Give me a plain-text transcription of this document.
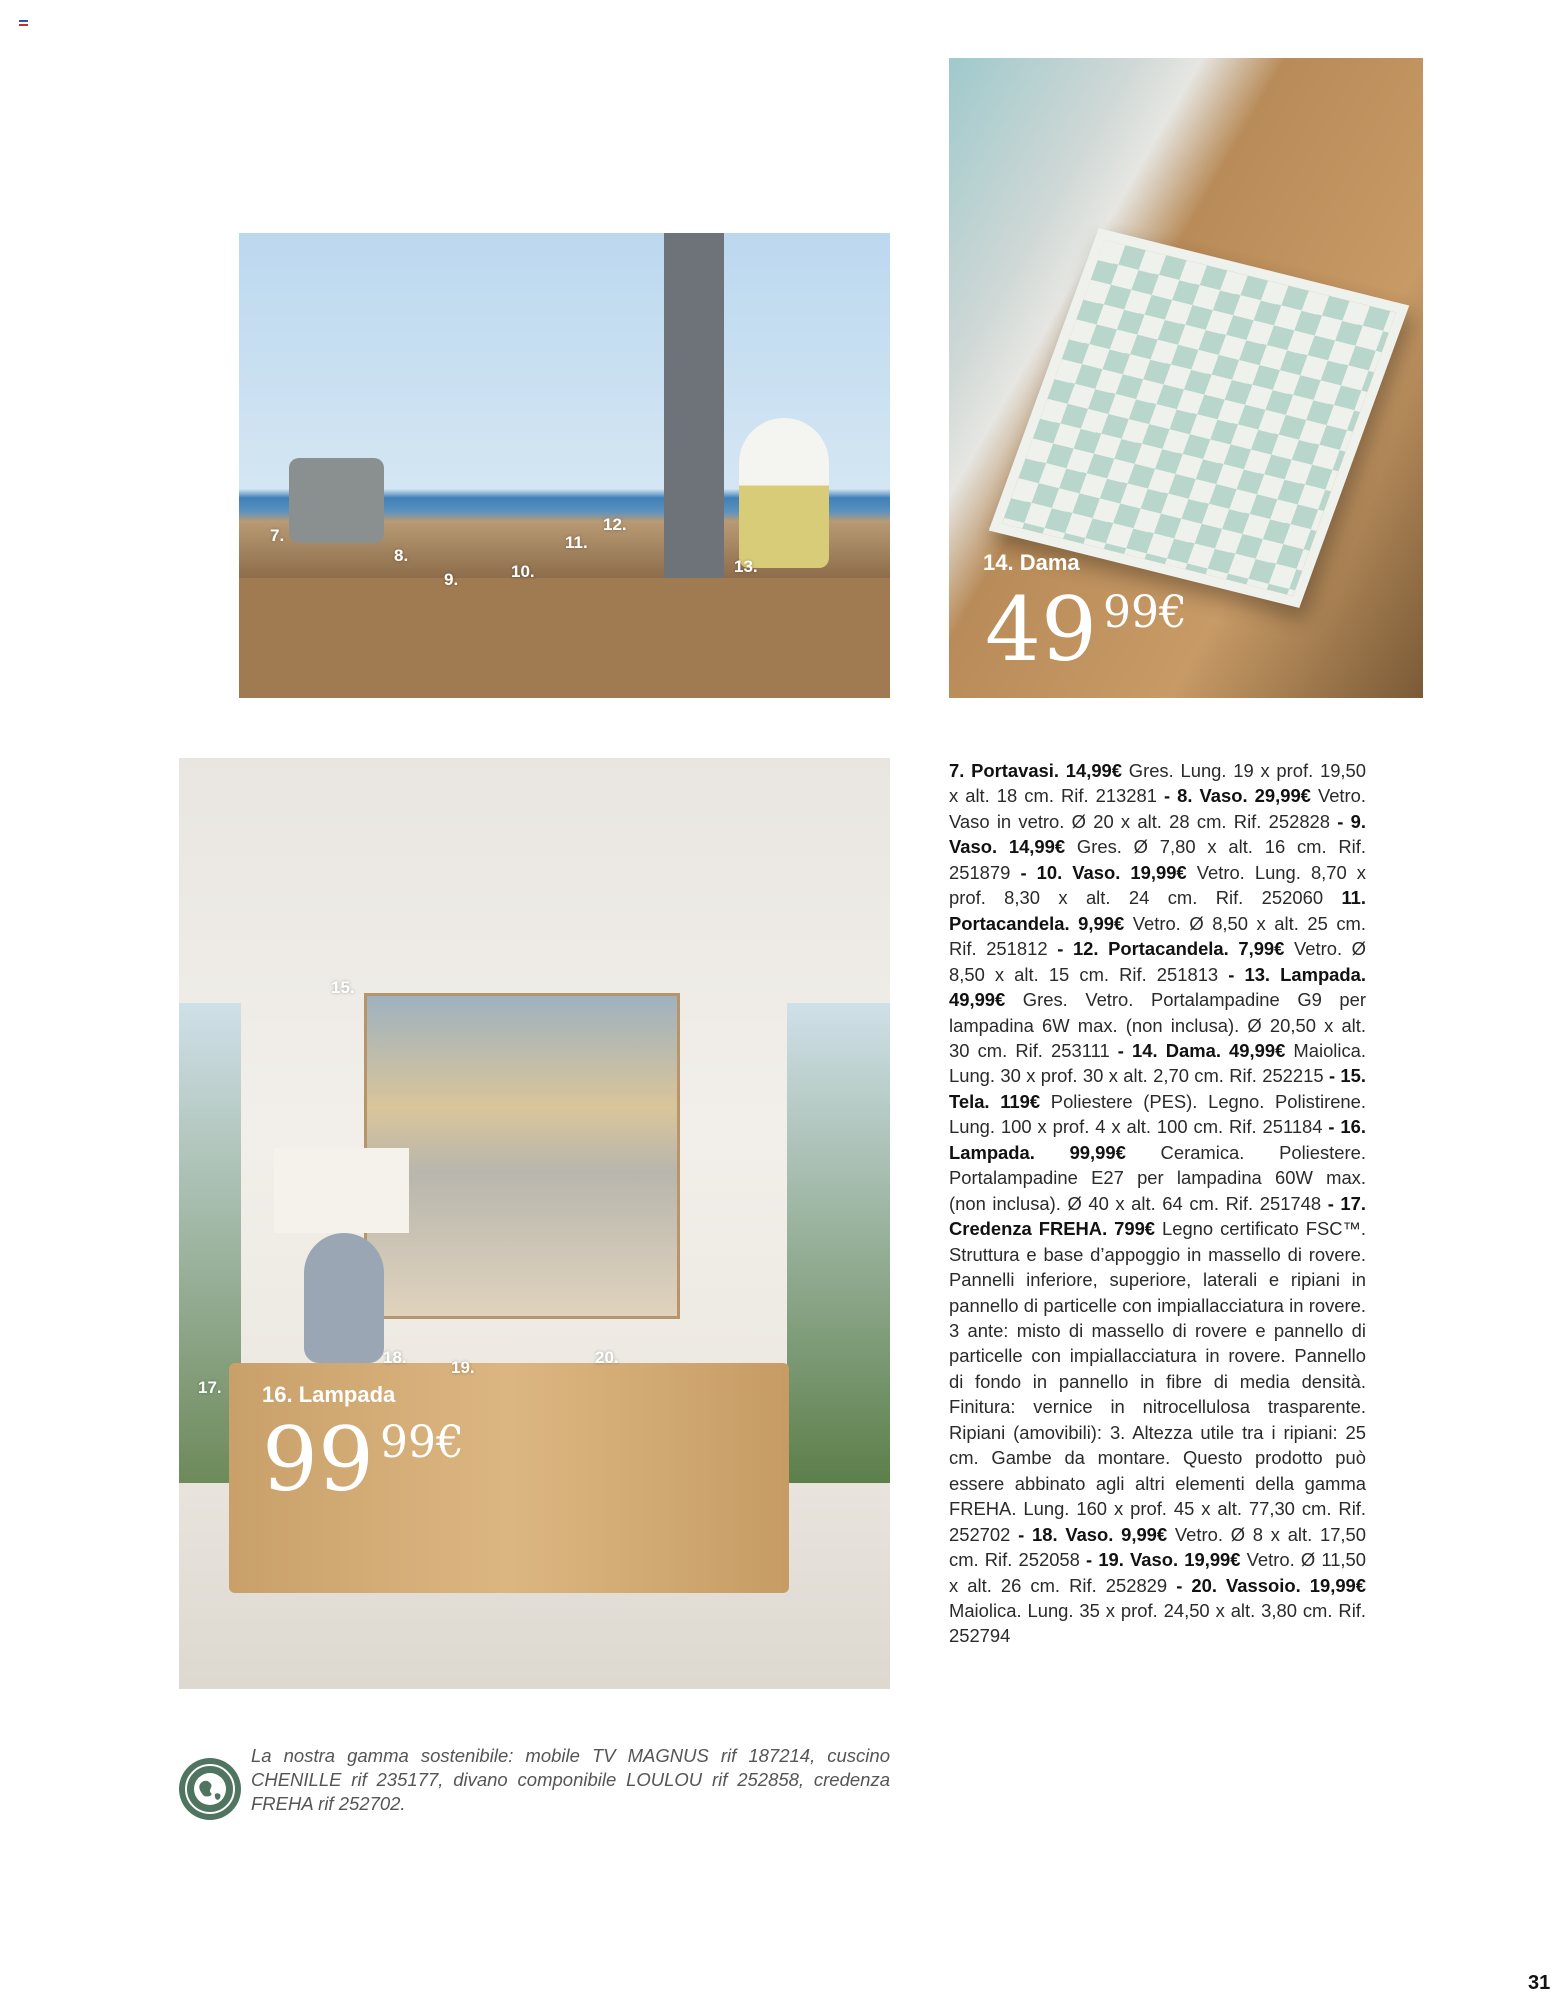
7.
8.
9.	10.
11.
12.
13.	14. Dama
49 99€
15.
17.
18.
19.
20.
16. Lampada
99 99€
7. Portavasi. 14,99€ Gres. Lung. 19 x prof. 19,50 x alt. 18 cm. Rif. 213281 - 8. Vaso. 29,99€ Vetro. Vaso in vetro. Ø 20 x alt. 28 cm. Rif. 252828 - 9. Vaso. 14,99€ Gres. Ø 7,80 x alt. 16 cm. Rif. 251879 - 10. Vaso. 19,99€ Vetro. Lung. 8,70 x prof. 8,30 x alt. 24 cm. Rif. 252060 11. Portacandela. 9,99€ Vetro. Ø 8,50 x alt. 25 cm. Rif. 251812 - 12. Portacandela. 7,99€ Vetro. Ø 8,50 x alt. 15 cm. Rif. 251813 - 13. Lampada. 49,99€ Gres. Vetro. Portalampadine G9 per lampadina 6W max. (non inclusa). Ø 20,50 x alt. 30 cm. Rif. 253111 - 14. Dama. 49,99€ Maiolica. Lung. 30 x prof. 30 x alt. 2,70 cm. Rif. 252215 - 15. Tela. 119€ Poliestere (PES). Legno. Polistirene. Lung. 100 x prof. 4 x alt. 100 cm. Rif. 251184 - 16. Lampada. 99,99€ Ceramica. Poliestere. Portalampadine E27 per lampadina 60W max. (non inclusa). Ø 40 x alt. 64 cm. Rif. 251748 - 17. Credenza FREHA. 799€ Legno certificato FSC™. Struttura e base d’appoggio in massello di rovere. Pannelli inferiore, superiore, laterali e ripiani in pannello di particelle con impiallacciatura in rovere. 3 ante: misto di massello di rovere e pannello di particelle con impiallacciatura in rovere. Pannello di fondo in pannello in fibre di media densità. Finitura: vernice in nitrocellulosa trasparente. Ripiani (amovibili): 3. Altezza utile tra i ripiani: 25 cm. Gambe da montare. Questo prodotto può essere abbinato agli altri elementi della gamma FREHA. Lung. 160 x prof. 45 x alt. 77,30 cm. Rif. 252702 - 18. Vaso. 9,99€ Vetro. Ø 8 x alt. 17,50 cm. Rif. 252058 - 19. Vaso. 19,99€ Vetro. Ø 11,50 x alt. 26 cm. Rif. 252829 - 20. Vassoio. 19,99€ Maiolica. Lung. 35 x prof. 24,50 x alt. 3,80 cm. Rif. 252794
La nostra gamma sostenibile: mobile TV MAGNUS rif 187214, cuscino CHENILLE rif 235177, divano componibile LOULOU rif 252858, credenza FREHA rif 252702.
31
